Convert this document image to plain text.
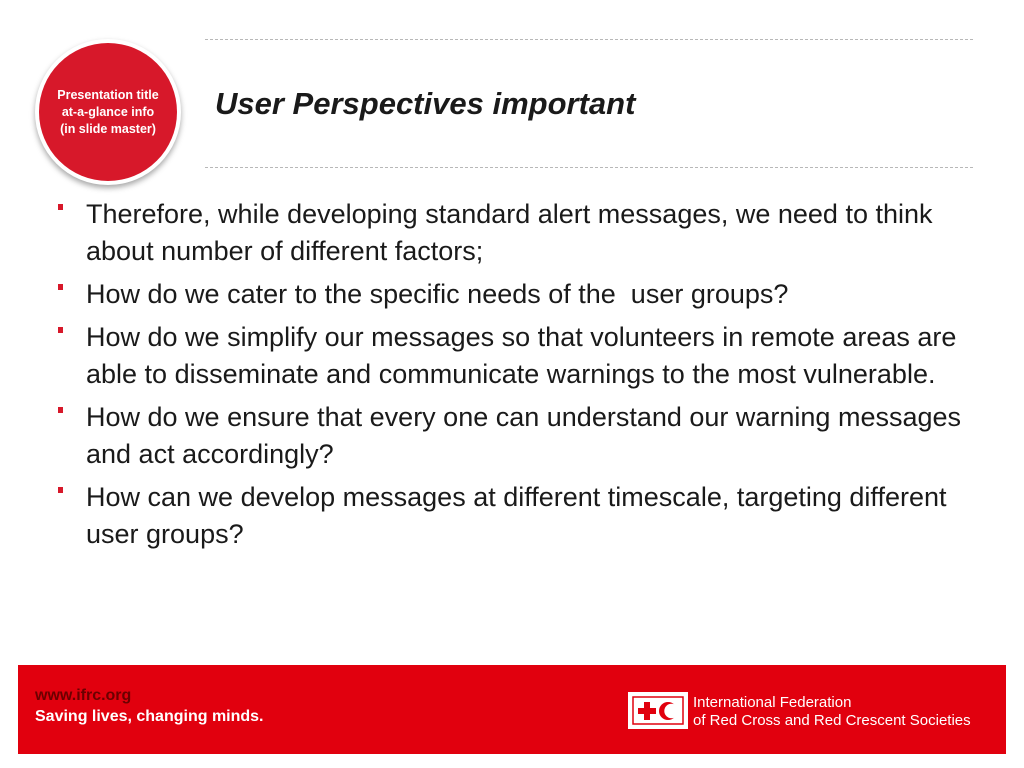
Presentation title
at-a-glance info
(in slide master)
User Perspectives important
Therefore, while developing standard alert messages, we need to think about number of different factors;
How do we cater to the specific needs of the  user groups?
How do we simplify our messages so that volunteers in remote areas are able to disseminate and communicate warnings to the most vulnerable.
How do we ensure that every one can understand our warning messages and act accordingly?
How can we develop messages at different timescale, targeting different user groups?
www.ifrc.org
Saving lives, changing minds.
International Federation
of Red Cross and Red Crescent Societies
